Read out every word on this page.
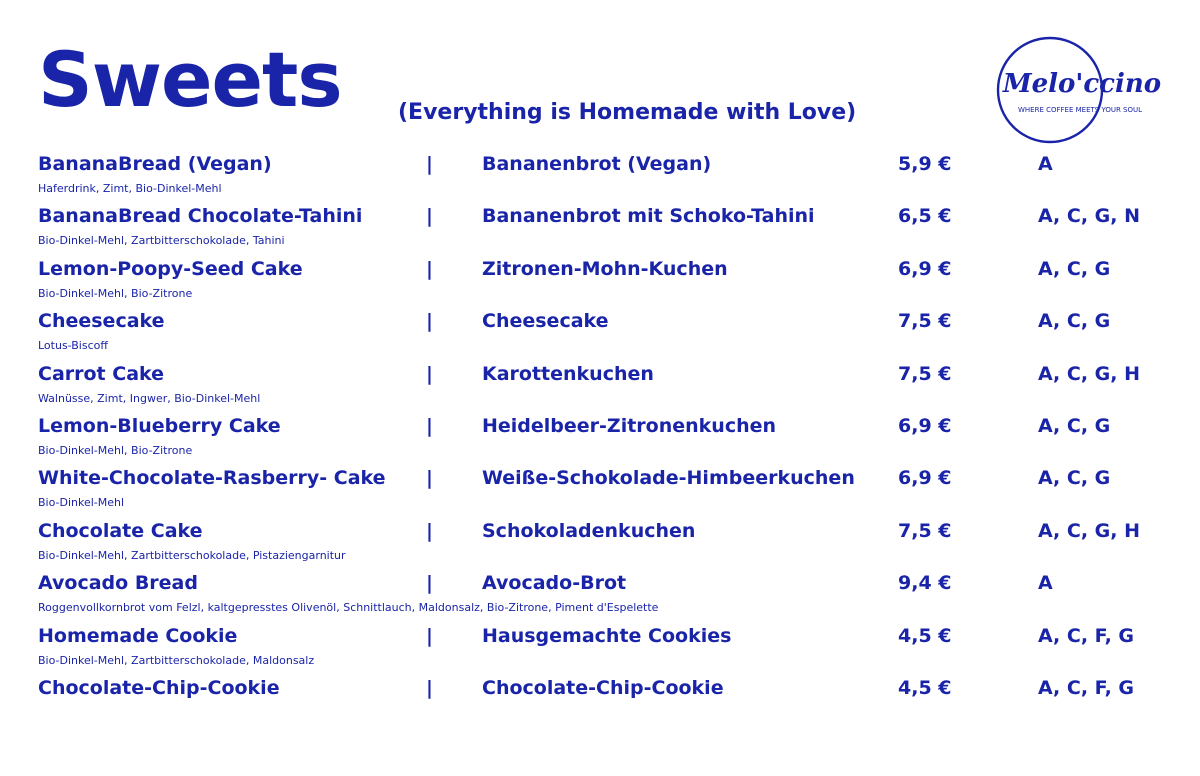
Sweets	(Everything is Homemade with Love)
Melo'ccino
WHERE COFFEE MEETS YOUR SOUL
BananaBread (Vegan)	|	Bananenbrot (Vegan)	5,9 €	A
Haferdrink, Zimt, Bio-Dinkel-Mehl
BananaBread Chocolate-Tahini	|	Bananenbrot mit Schoko-Tahini	6,5 €	A, C, G, N
Bio-Dinkel-Mehl, Zartbitterschokolade, Tahini
Lemon-Poopy-Seed Cake	|	Zitronen-Mohn-Kuchen	6,9 €	A, C, G
Bio-Dinkel-Mehl, Bio-Zitrone
Cheesecake	|	Cheesecake	7,5 €	A, C, G
Lotus-Biscoff
Carrot Cake	|	Karottenkuchen	7,5 €	A, C, G, H
Walnüsse, Zimt, Ingwer, Bio-Dinkel-Mehl
Lemon-Blueberry Cake	|	Heidelbeer-Zitronenkuchen	6,9 €	A, C, G
Bio-Dinkel-Mehl, Bio-Zitrone
White-Chocolate-Rasberry- Cake |	Weiße-Schokolade-Himbeerkuchen 6,9 €	A, C, G
Bio-Dinkel-Mehl
Chocolate Cake	|	Schokoladenkuchen	7,5 €	A, C, G, H
Bio-Dinkel-Mehl, Zartbitterschokolade, Pistaziengarnitur
Avocado Bread	|	Avocado-Brot	9,4 €	A
Roggenvollkornbrot vom Felzl, kaltgepresstes Olivenöl, Schnittlauch, Maldonsalz, Bio-Zitrone, Piment d'Espelette
Homemade Cookie	|	Hausgemachte Cookies	4,5 €	A, C, F, G
Bio-Dinkel-Mehl, Zartbitterschokolade, Maldonsalz
Chocolate-Chip-Cookie	|	Chocolate-Chip-Cookie	4,5 €	A, C, F, G
